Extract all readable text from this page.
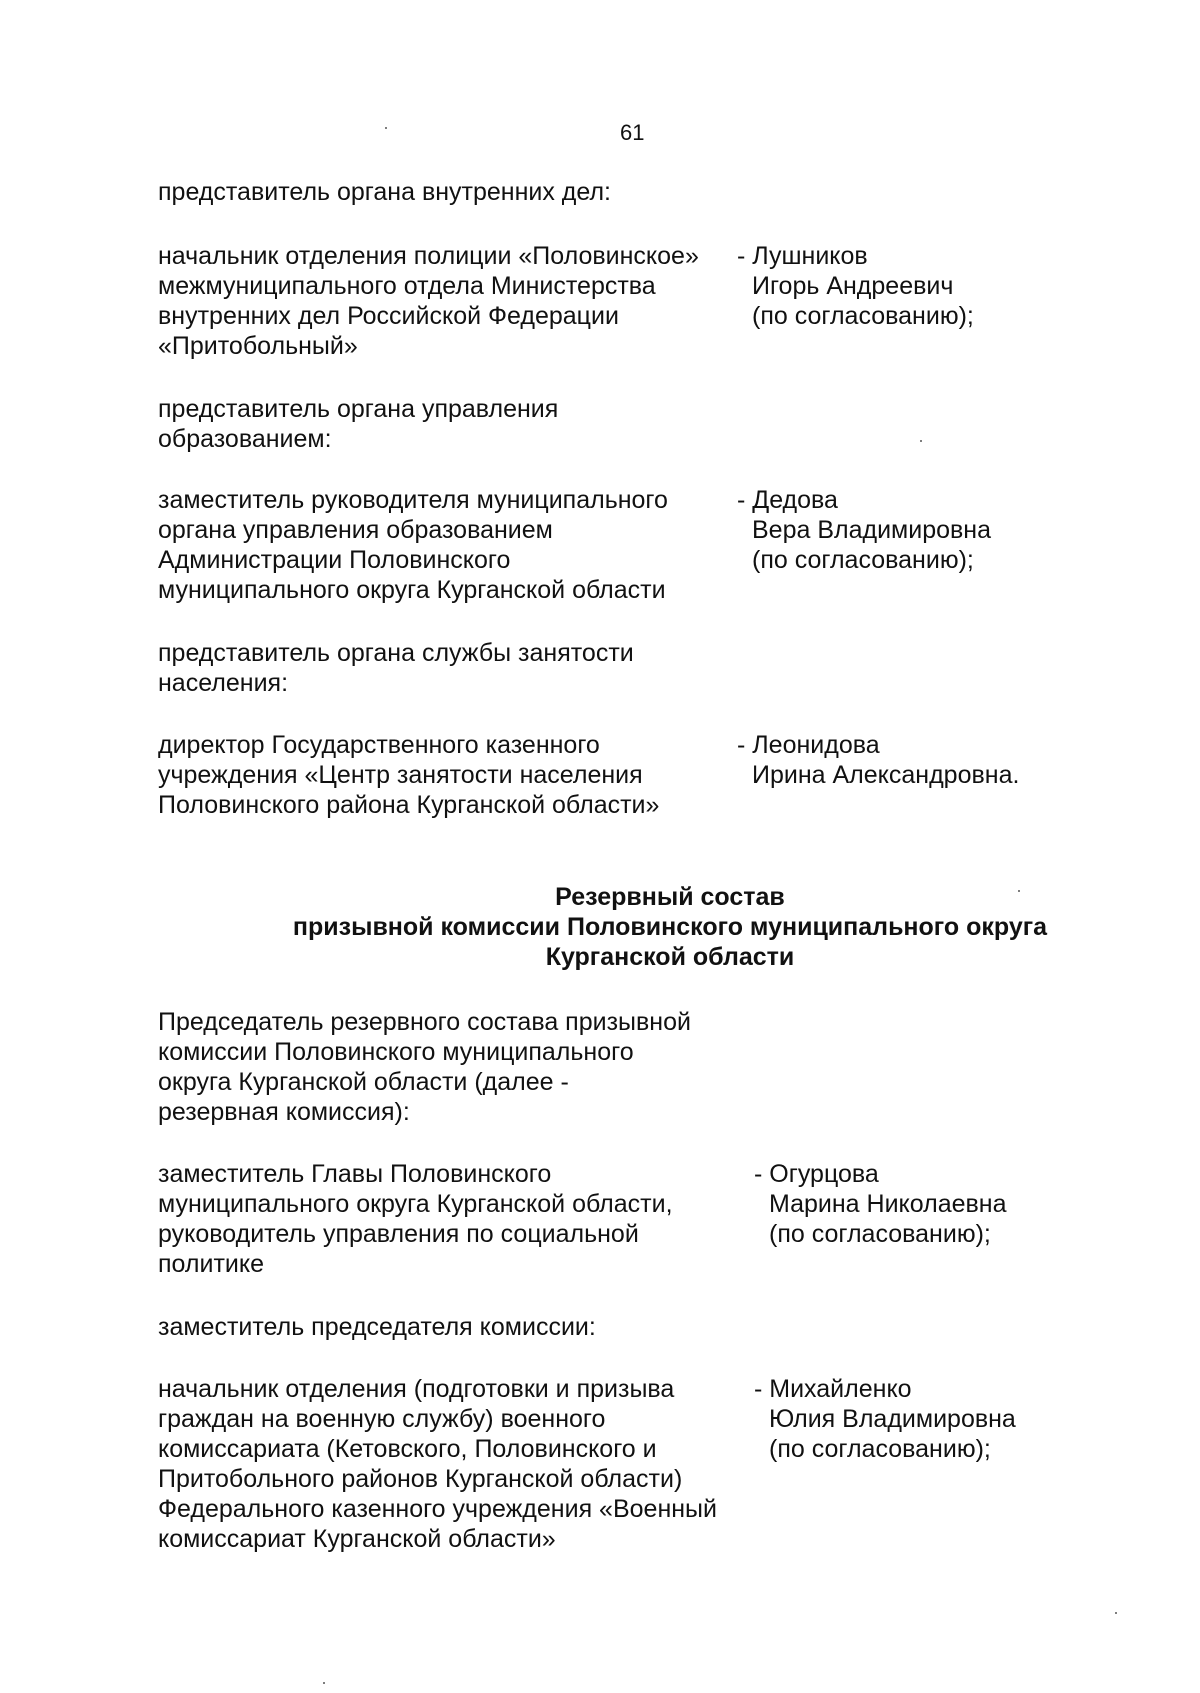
61
представитель органа внутренних дел:
начальник отделения полиции «Половинское»
межмуниципального отдела Министерства
внутренних дел Российской Федерации
«Притобольный»
- Лушников
Игорь Андреевич
(по согласованию);
представитель органа управления
образованием:
заместитель руководителя муниципального
органа управления образованием
Администрации Половинского
муниципального округа Курганской области
- Дедова
Вера Владимировна
(по согласованию);
представитель органа службы занятости
населения:
директор Государственного казенного
учреждения «Центр занятости населения
Половинского района Курганской области»
- Леонидова
Ирина Александровна.
Резервный состав
призывной комиссии Половинского муниципального округа
Курганской области
Председатель резервного состава призывной
комиссии Половинского муниципального
округа Курганской области (далее -
резервная комиссия):
заместитель Главы Половинского
муниципального округа Курганской области,
руководитель управления по социальной
политике
- Огурцова
Марина Николаевна
(по согласованию);
заместитель председателя комиссии:
начальник отделения (подготовки и призыва
граждан на военную службу) военного
комиссариата (Кетовского, Половинского и
Притобольного районов Курганской области)
Федерального казенного учреждения «Военный
комиссариат Курганской области»
- Михайленко
Юлия Владимировна
(по согласованию);
